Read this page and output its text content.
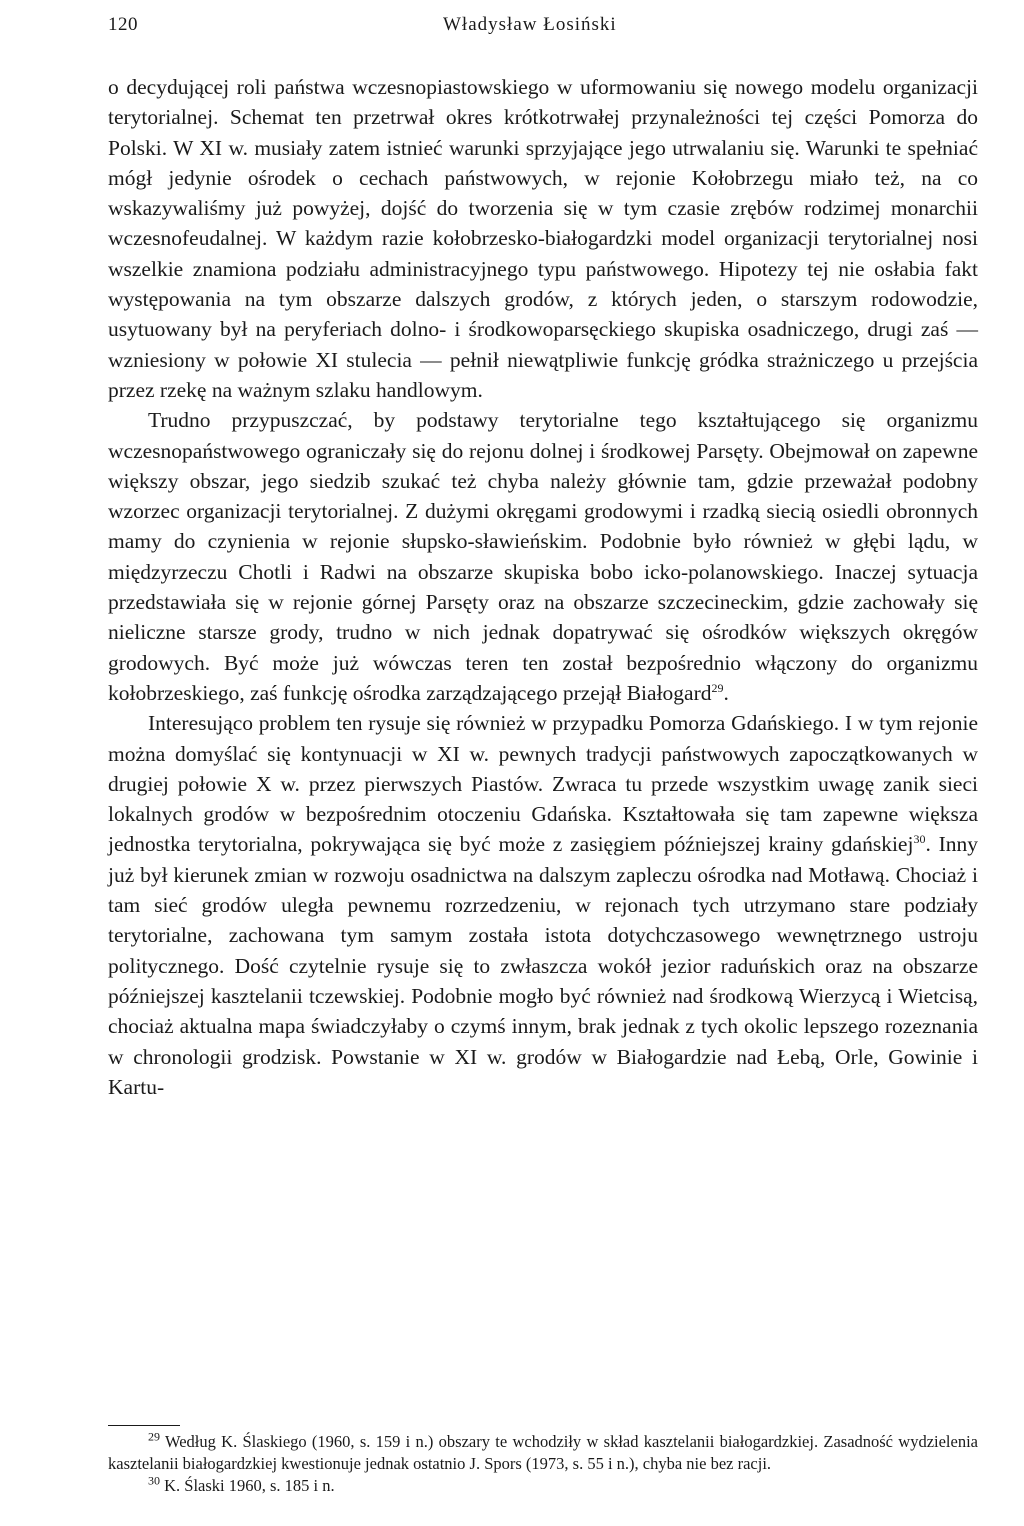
120	Władysław Łosiński

o decydującej roli państwa wczesnopiastowskiego w uformowaniu się nowego modelu organizacji terytorialnej. Schemat ten przetrwał okres krótkotrwałej przynależności tej części Pomorza do Polski. W XI w. musiały zatem istnieć warunki sprzyjające jego utrwalaniu się. Warunki te spełniać mógł jedynie ośrodek o cechach państwowych, w rejonie Kołobrzegu miało też, na co wskazywaliśmy już powyżej, dojść do tworzenia się w tym czasie zrębów rodzimej monarchii wczesnofeudalnej. W każdym razie kołobrzesko-białogardzki model organizacji terytorialnej nosi wszelkie znamiona podziału administracyjnego typu państwowego. Hipotezy tej nie osłabia fakt występowania na tym obszarze dalszych grodów, z których jeden, o starszym rodowodzie, usytuowany był na peryferiach dolno- i środkowoparsęckiego skupiska osadniczego, drugi zaś — wzniesiony w połowie XI stulecia — pełnił niewątpliwie funkcję gródka strażniczego u przejścia przez rzekę na ważnym szlaku handlowym.

Trudno przypuszczać, by podstawy terytorialne tego kształtującego się organizmu wczesnopaństwowego ograniczały się do rejonu dolnej i środkowej Parsęty. Obejmował on zapewne większy obszar, jego siedzib szukać też chyba należy głównie tam, gdzie przeważał podobny wzorzec organizacji terytorialnej. Z dużymi okręgami grodowymi i rzadką siecią osiedli obronnych mamy do czynienia w rejonie słupsko-sławieńskim. Podobnie było również w głębi lądu, w międzyrzeczu Chotli i Radwi na obszarze skupiska bobo icko-polanowskiego. Inaczej sytuacja przedstawiała się w rejonie górnej Parsęty oraz na obszarze szczecineckim, gdzie zachowały się nieliczne starsze grody, trudno w nich jednak dopatrywać się ośrodków większych okręgów grodowych. Być może już wówczas teren ten został bezpośrednio włączony do organizmu kołobrzeskiego, zaś funkcję ośrodka zarządzającego przejął Białogard$^{29}$.

Interesująco problem ten rysuje się również w przypadku Pomorza Gdańskiego. I w tym rejonie można domyślać się kontynuacji w XI w. pewnych tradycji państwowych zapoczątkowanych w drugiej połowie X w. przez pierwszych Piastów. Zwraca tu przede wszystkim uwagę zanik sieci lokalnych grodów w bezpośrednim otoczeniu Gdańska. Kształtowała się tam zapewne większa jednostka terytorialna, pokrywająca się być może z zasięgiem późniejszej krainy gdańskiej$^{30}$. Inny już był kierunek zmian w rozwoju osadnictwa na dalszym zapleczu ośrodka nad Motławą. Chociaż i tam sieć grodów uległa pewnemu rozrzedzeniu, w rejonach tych utrzymano stare podziały terytorialne, zachowana tym samym została istota dotychczasowego wewnętrznego ustroju politycznego. Dość czytelnie rysuje się to zwłaszcza wokół jezior raduńskich oraz na obszarze późniejszej kasztelanii tczewskiej. Podobnie mogło być również nad środkową Wierzycą i Wietcisą, chociaż aktualna mapa świadczyłaby o czymś innym, brak jednak z tych okolic lepszego rozeznania w chronologii grodzisk. Powstanie w XI w. grodów w Białogardzie nad Łebą, Orle, Gowinie i Kartu-

$^{29}$ Według K. Ślaskiego (1960, s. 159 i n.) obszary te wchodziły w skład kasztelanii białogardzkiej. Zasadność wydzielenia kasztelanii białogardzkiej kwestionuje jednak ostatnio J. Spors (1973, s. 55 i n.), chyba nie bez racji.

$^{30}$ K. Ślaski 1960, s. 185 i n.
